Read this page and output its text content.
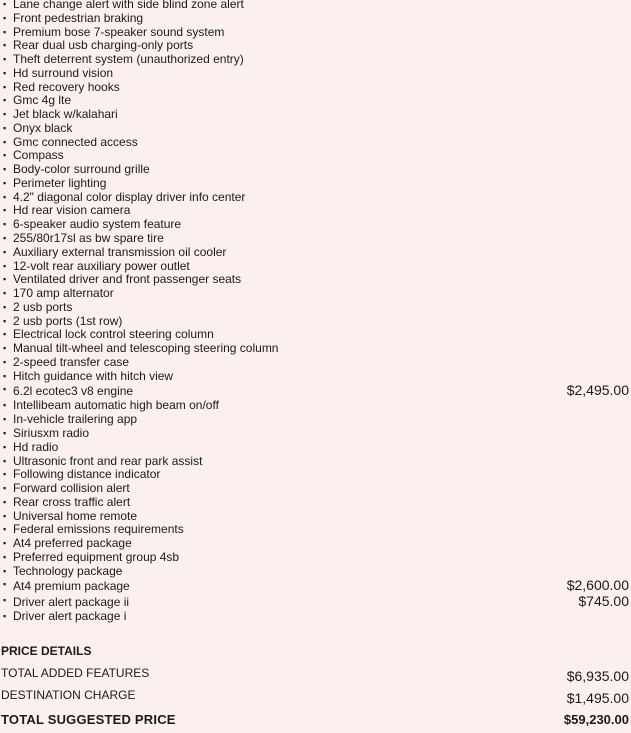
▪ Lane change alert with side blind zone alert
▪ Front pedestrian braking
▪ Premium bose 7-speaker sound system
▪ Rear dual usb charging-only ports
▪ Theft deterrent system (unauthorized entry)
▪ Hd surround vision
▪ Red recovery hooks
▪ Gmc 4g lte
▪ Jet black w/kalahari
▪ Onyx black
▪ Gmc connected access
▪ Compass
▪ Body-color surround grille
▪ Perimeter lighting
▪ 4.2" diagonal color display driver info center
▪ Hd rear vision camera
▪ 6-speaker audio system feature
▪ 255/80r17sl as bw spare tire
▪ Auxiliary external transmission oil cooler
▪ 12-volt rear auxiliary power outlet
▪ Ventilated driver and front passenger seats
▪ 170 amp alternator
▪ 2 usb ports
▪ 2 usb ports (1st row)
▪ Electrical lock control steering column
▪ Manual tilt-wheel and telescoping steering column
▪ 2-speed transfer case
▪ Hitch guidance with hitch view
▪ 6.2l ecotec3 v8 engine	$2,495.00
▪ Intellibeam automatic high beam on/off
▪ In-vehicle trailering app
▪ Siriusxm radio
▪ Hd radio
▪ Ultrasonic front and rear park assist
▪ Following distance indicator
▪ Forward collision alert
▪ Rear cross traffic alert
▪ Universal home remote
▪ Federal emissions requirements
▪ At4 preferred package
▪ Preferred equipment group 4sb
▪ Technology package
▪ At4 premium package	$2,600.00
▪ Driver alert package ii	$745.00
▪ Driver alert package i
PRICE DETAILS
TOTAL ADDED FEATURES	$6,935.00
DESTINATION CHARGE	$1,495.00
TOTAL SUGGESTED PRICE	$59,230.00
